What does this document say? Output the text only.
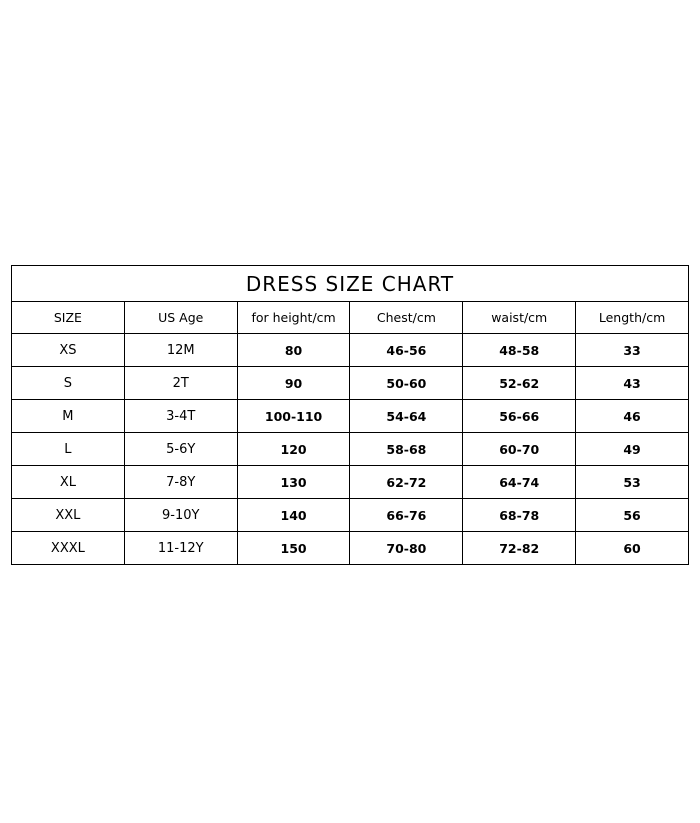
DRESS SIZE CHART					
SIZE	US Age	for height/cm	Chest/cm	waist/cm	Length/cm
XS	12M	80	46-56	48-58	33
S	2T	90	50-60	52-62	43
M	3-4T	100-110	54-64	56-66	46
L	5-6Y	120	58-68	60-70	49
XL	7-8Y	130	62-72	64-74	53
XXL	9-10Y	140	66-76	68-78	56
XXXL	11-12Y	150	70-80	72-82	60
